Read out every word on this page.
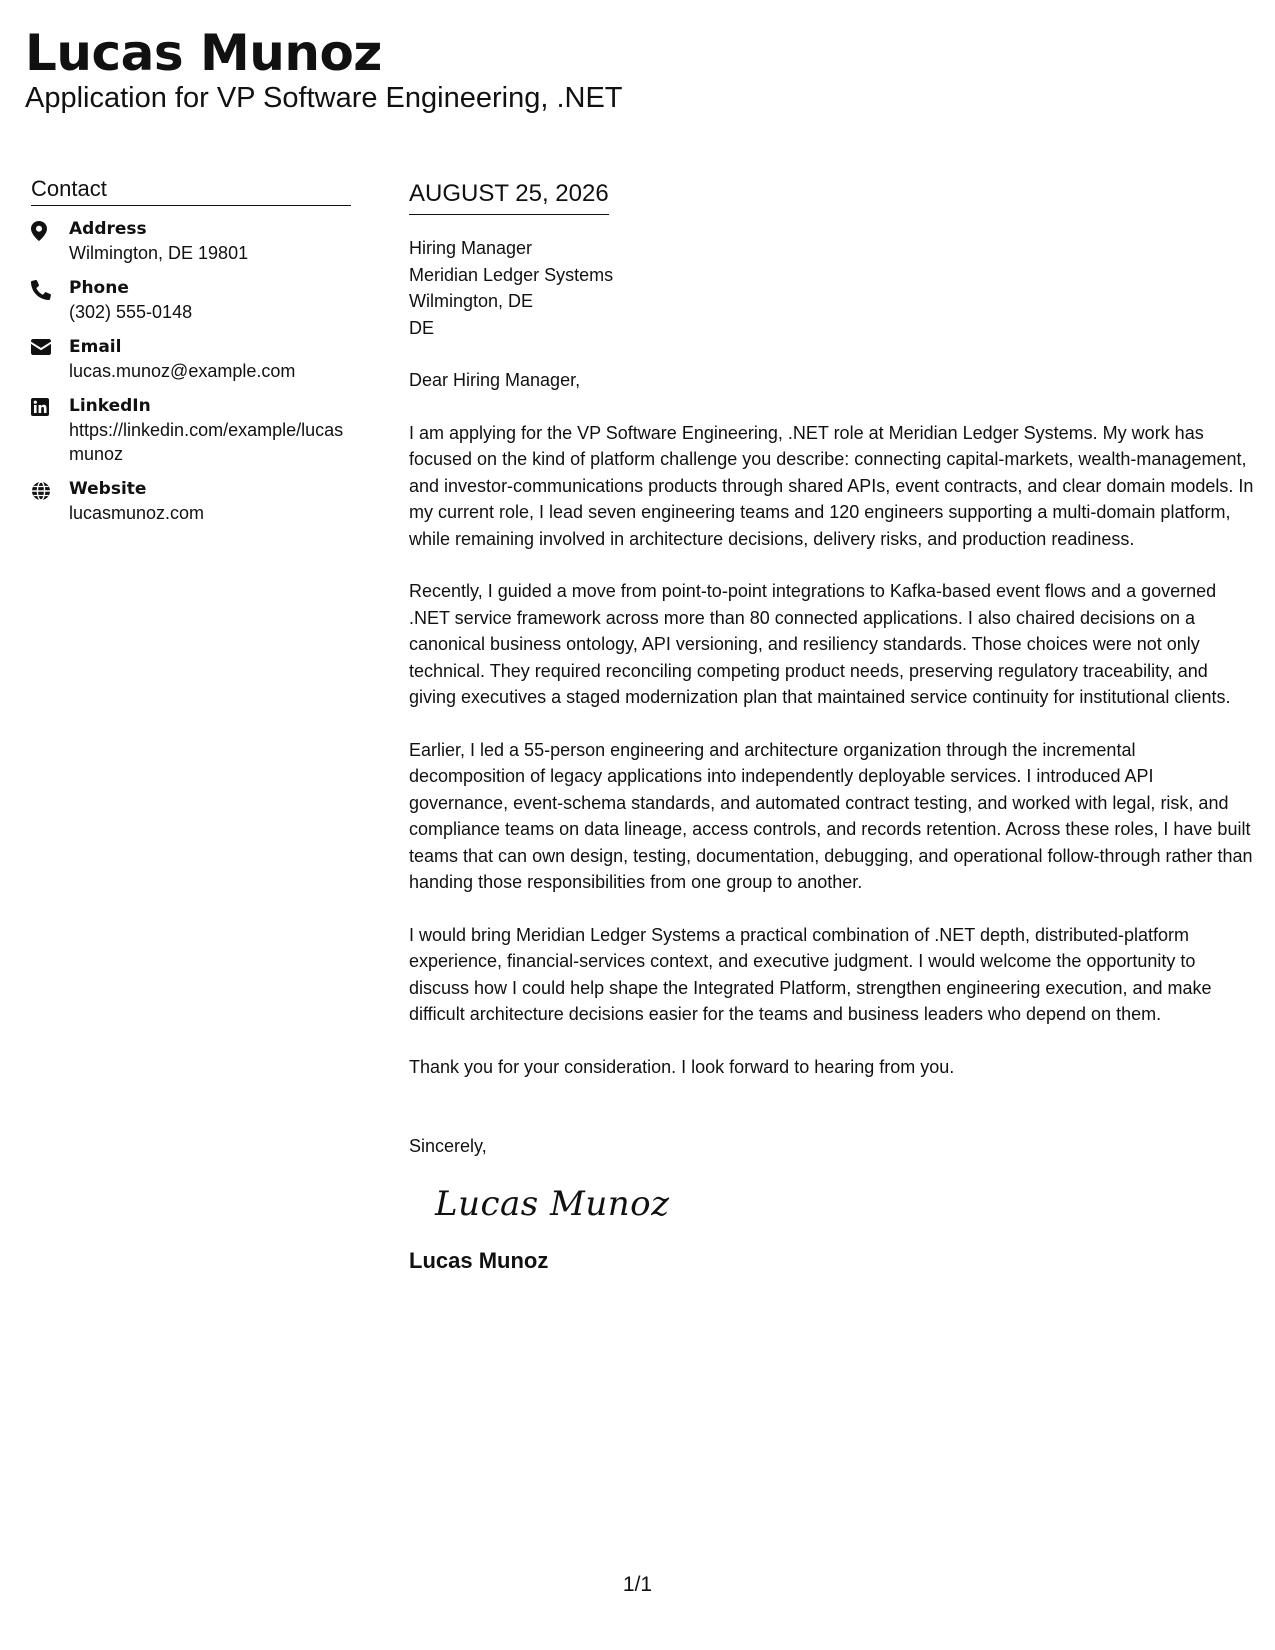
Lucas Munoz
Application for VP Software Engineering, .NET
Contact
Address
Wilmington, DE 19801
Phone
(302) 555-0148
Email
lucas.munoz@example.com
LinkedIn
https://linkedin.com/example/lucasmunoz
Website
lucasmunoz.com
AUGUST 25, 2026
Hiring Manager
Meridian Ledger Systems
Wilmington, DE
DE
Dear Hiring Manager,
I am applying for the VP Software Engineering, .NET role at Meridian Ledger Systems. My work has focused on the kind of platform challenge you describe: connecting capital-markets, wealth-management, and investor-communications products through shared APIs, event contracts, and clear domain models. In my current role, I lead seven engineering teams and 120 engineers supporting a multi-domain platform, while remaining involved in architecture decisions, delivery risks, and production readiness.
Recently, I guided a move from point-to-point integrations to Kafka-based event flows and a governed .NET service framework across more than 80 connected applications. I also chaired decisions on a canonical business ontology, API versioning, and resiliency standards. Those choices were not only technical. They required reconciling competing product needs, preserving regulatory traceability, and giving executives a staged modernization plan that maintained service continuity for institutional clients.
Earlier, I led a 55-person engineering and architecture organization through the incremental decomposition of legacy applications into independently deployable services. I introduced API governance, event-schema standards, and automated contract testing, and worked with legal, risk, and compliance teams on data lineage, access controls, and records retention. Across these roles, I have built teams that can own design, testing, documentation, debugging, and operational follow-through rather than handing those responsibilities from one group to another.
I would bring Meridian Ledger Systems a practical combination of .NET depth, distributed-platform experience, financial-services context, and executive judgment. I would welcome the opportunity to discuss how I could help shape the Integrated Platform, strengthen engineering execution, and make difficult architecture decisions easier for the teams and business leaders who depend on them.
Thank you for your consideration. I look forward to hearing from you.
Sincerely,
Lucas Munoz
Lucas Munoz
1/1
